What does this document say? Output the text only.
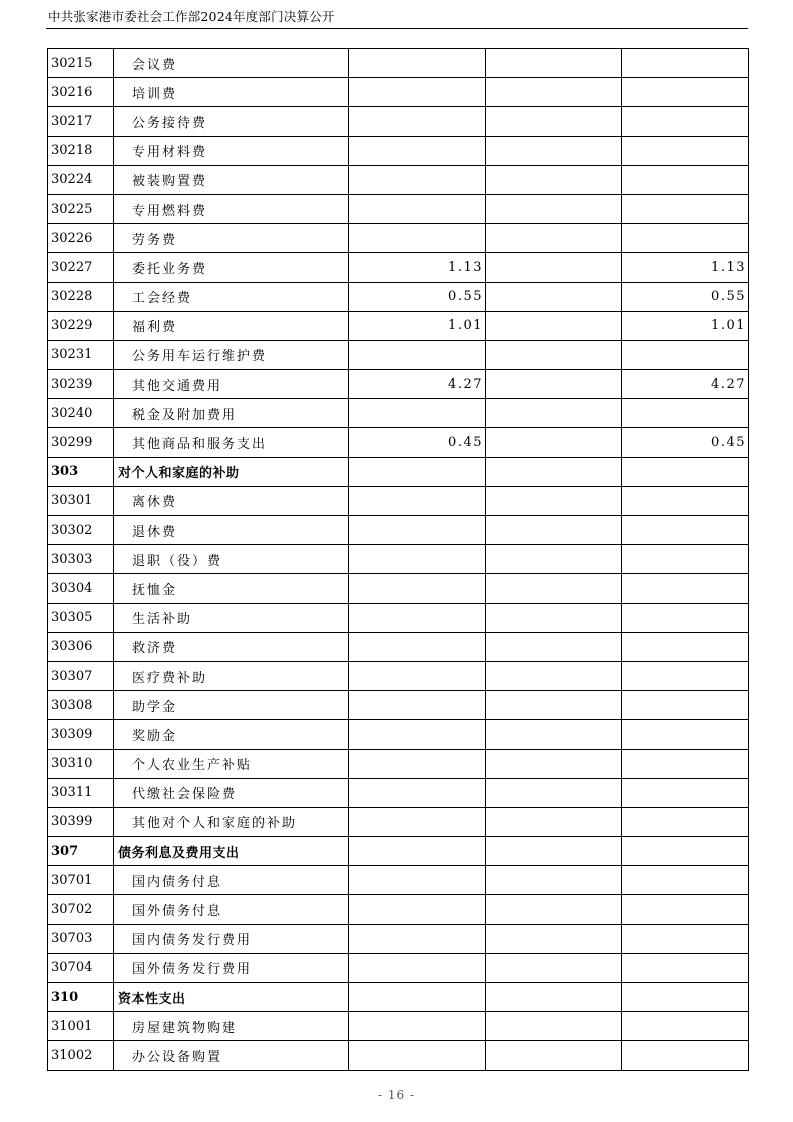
中共张家港市委社会工作部2024年度部门决算公开
30215	会议费			
30216	培训费			
30217	公务接待费			
30218	专用材料费			
30224	被装购置费			
30225	专用燃料费			
30226	劳务费			
30227	委托业务费	1.13		1.13
30228	工会经费	0.55		0.55
30229	福利费	1.01		1.01
30231	公务用车运行维护费			
30239	其他交通费用	4.27		4.27
30240	税金及附加费用			
30299	其他商品和服务支出	0.45		0.45
303	对个人和家庭的补助			
30301	离休费			
30302	退休费			
30303	退职（役）费			
30304	抚恤金			
30305	生活补助			
30306	救济费			
30307	医疗费补助			
30308	助学金			
30309	奖励金			
30310	个人农业生产补贴			
30311	代缴社会保险费			
30399	其他对个人和家庭的补助			
307	债务利息及费用支出			
30701	国内债务付息			
30702	国外债务付息			
30703	国内债务发行费用			
30704	国外债务发行费用			
310	资本性支出			
31001	房屋建筑物购建			
31002	办公设备购置			
- 16 -
